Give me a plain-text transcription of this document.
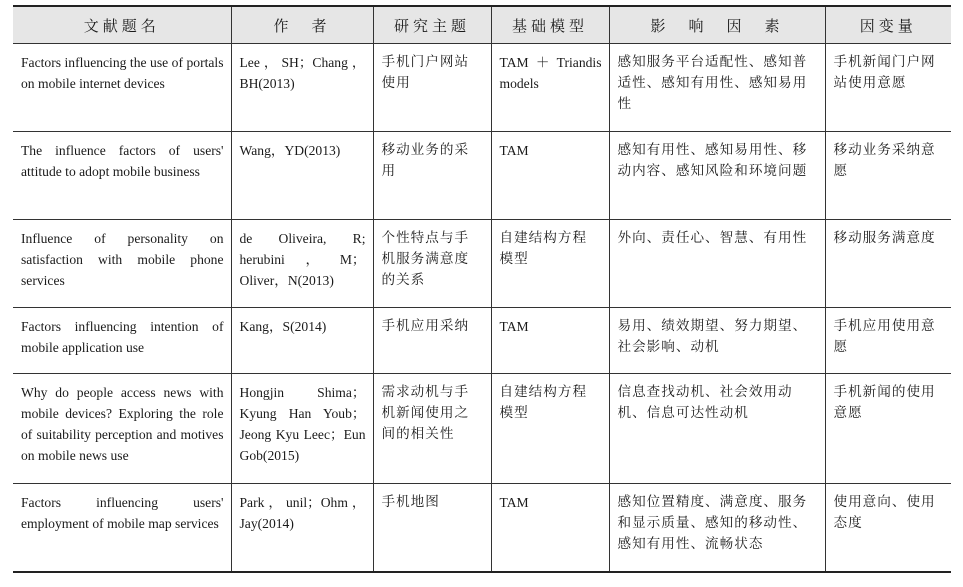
文献题名	作　者	研究主题	基础模型	影　响　因　素	因变量
Factors influencing the use of portals on mobile internet devices	Lee，SH；Chang，BH(2013)	手机门户网站使用	TAM＋Triandis models	感知服务平台适配性、感知普适性、感知有用性、感知易用性	手机新闻门户网站使用意愿
The influence factors of users' attitude to adopt mobile business	Wang，YD(2013)	移动业务的采用	TAM	感知有用性、感知易用性、移动内容、感知风险和环境问题	移动业务采纳意愿
Influence of personality on satisfaction with mobile phone services	de Oliveira, R; herubini，M；Oliver，N(2013)	个性特点与手机服务满意度的关系	自建结构方程模型	外向、责任心、智慧、有用性	移动服务满意度
Factors influencing intention of mobile application use	Kang，S(2014)	手机应用采纳	TAM	易用、绩效期望、努力期望、社会影响、动机	手机应用使用意愿
Why do people access news with mobile devices? Exploring the role of suitability perception and motives on mobile news use	Hongjin Shima；Kyung Han Youb；Jeong Kyu Leec；Eun Gob(2015)	需求动机与手机新闻使用之间的相关性	自建结构方程模型	信息查找动机、社会效用动机、信息可达性动机	手机新闻的使用意愿
Factors influencing users' employment of mobile map services	Park，unil；Ohm，Jay(2014)	手机地图	TAM	感知位置精度、满意度、服务和显示质量、感知的移动性、感知有用性、流畅状态	使用意向、使用态度
